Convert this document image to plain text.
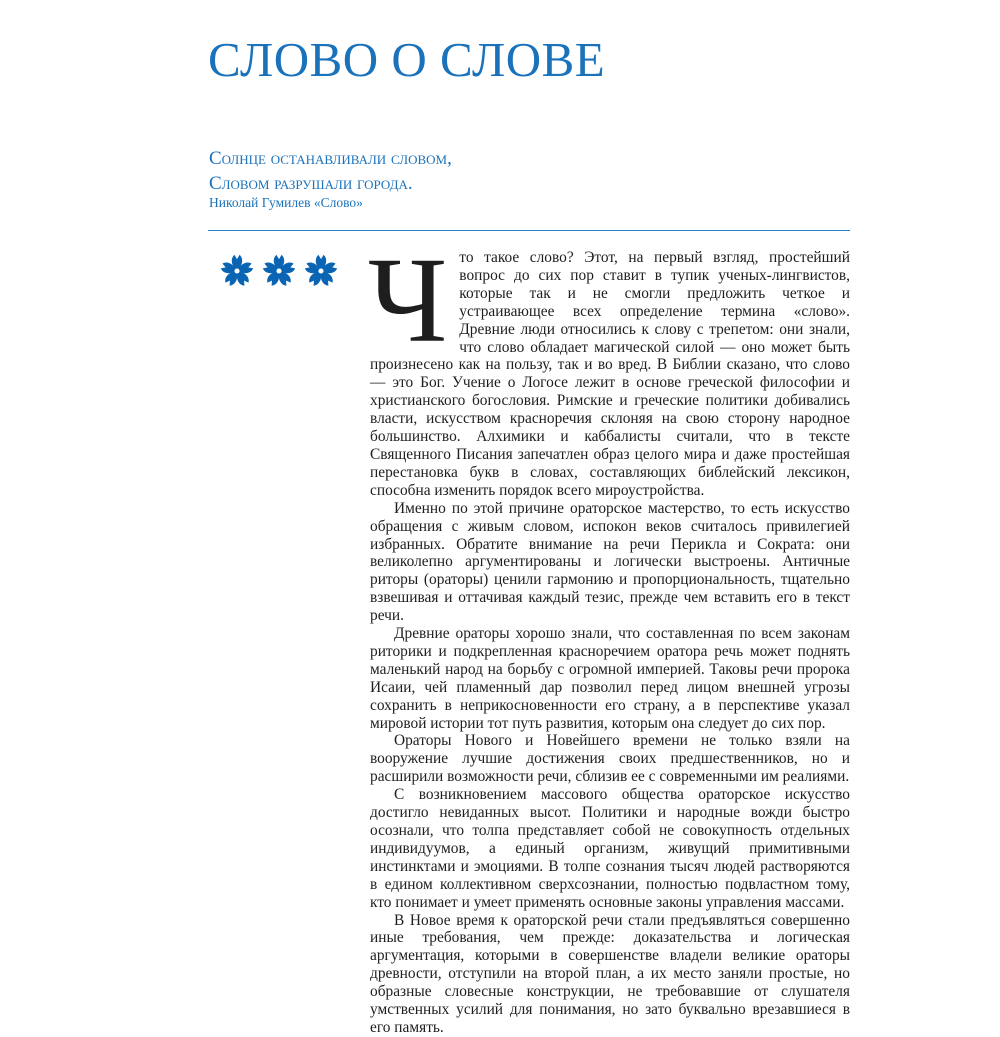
СЛОВО О СЛОВЕ
Солнце останавливали словом,
Словом разрушали города.
Николай Гумилев «Слово»

Что такое слово? Этот, на первый взгляд, простейший вопрос до сих пор ставит в тупик ученых-лингвистов, которые так и не смогли предложить четкое и устраивающее всех определение термина «слово». Древние люди относились к слову с трепетом: они знали, что слово обладает магической силой — оно может быть произнесено как на пользу, так и во вред. В Библии сказано, что слово — это Бог. Учение о Логосе лежит в основе греческой философии и христианского богословия. Римские и греческие политики добивались власти, искусством красноречия склоняя на свою сторону народное большинство. Алхимики и каббалисты считали, что в тексте Священного Писания запечатлен образ целого мира и даже простейшая перестановка букв в словах, составляющих библейский лексикон, способна изменить порядок всего мироустройства.

Именно по этой причине ораторское мастерство, то есть искусство обращения с живым словом, испокон веков считалось привилегией избранных. Обратите внимание на речи Перикла и Сократа: они великолепно аргументированы и логически выстроены. Античные риторы (ораторы) ценили гармонию и пропорциональность, тщательно взвешивая и оттачивая каждый тезис, прежде чем вставить его в текст речи.

Древние ораторы хорошо знали, что составленная по всем законам риторики и подкрепленная красноречием оратора речь может поднять маленький народ на борьбу с огромной империей. Таковы речи пророка Исаии, чей пламенный дар позволил перед лицом внешней угрозы сохранить в неприкосновенности его страну, а в перспективе указал мировой истории тот путь развития, которым она следует до сих пор.

Ораторы Нового и Новейшего времени не только взяли на вооружение лучшие достижения своих предшественников, но и расширили возможности речи, сблизив ее с современными им реалиями.

С возникновением массового общества ораторское искусство достигло невиданных высот. Политики и народные вожди быстро осознали, что толпа представляет собой не совокупность отдельных индивидуумов, а единый организм, живущий примитивными инстинктами и эмоциями. В толпе сознания тысяч людей растворяются в едином коллективном сверхсознании, полностью подвластном тому, кто понимает и умеет применять основные законы управления массами.

В Новое время к ораторской речи стали предъявляться совершенно иные требования, чем прежде: доказательства и логическая аргументация, которыми в совершенстве владели великие ораторы древности, отступили на второй план, а их место заняли простые, но образные словесные конструкции, не требовавшие от слушателя умственных усилий для понимания, но зато буквально врезавшиеся в его память.
